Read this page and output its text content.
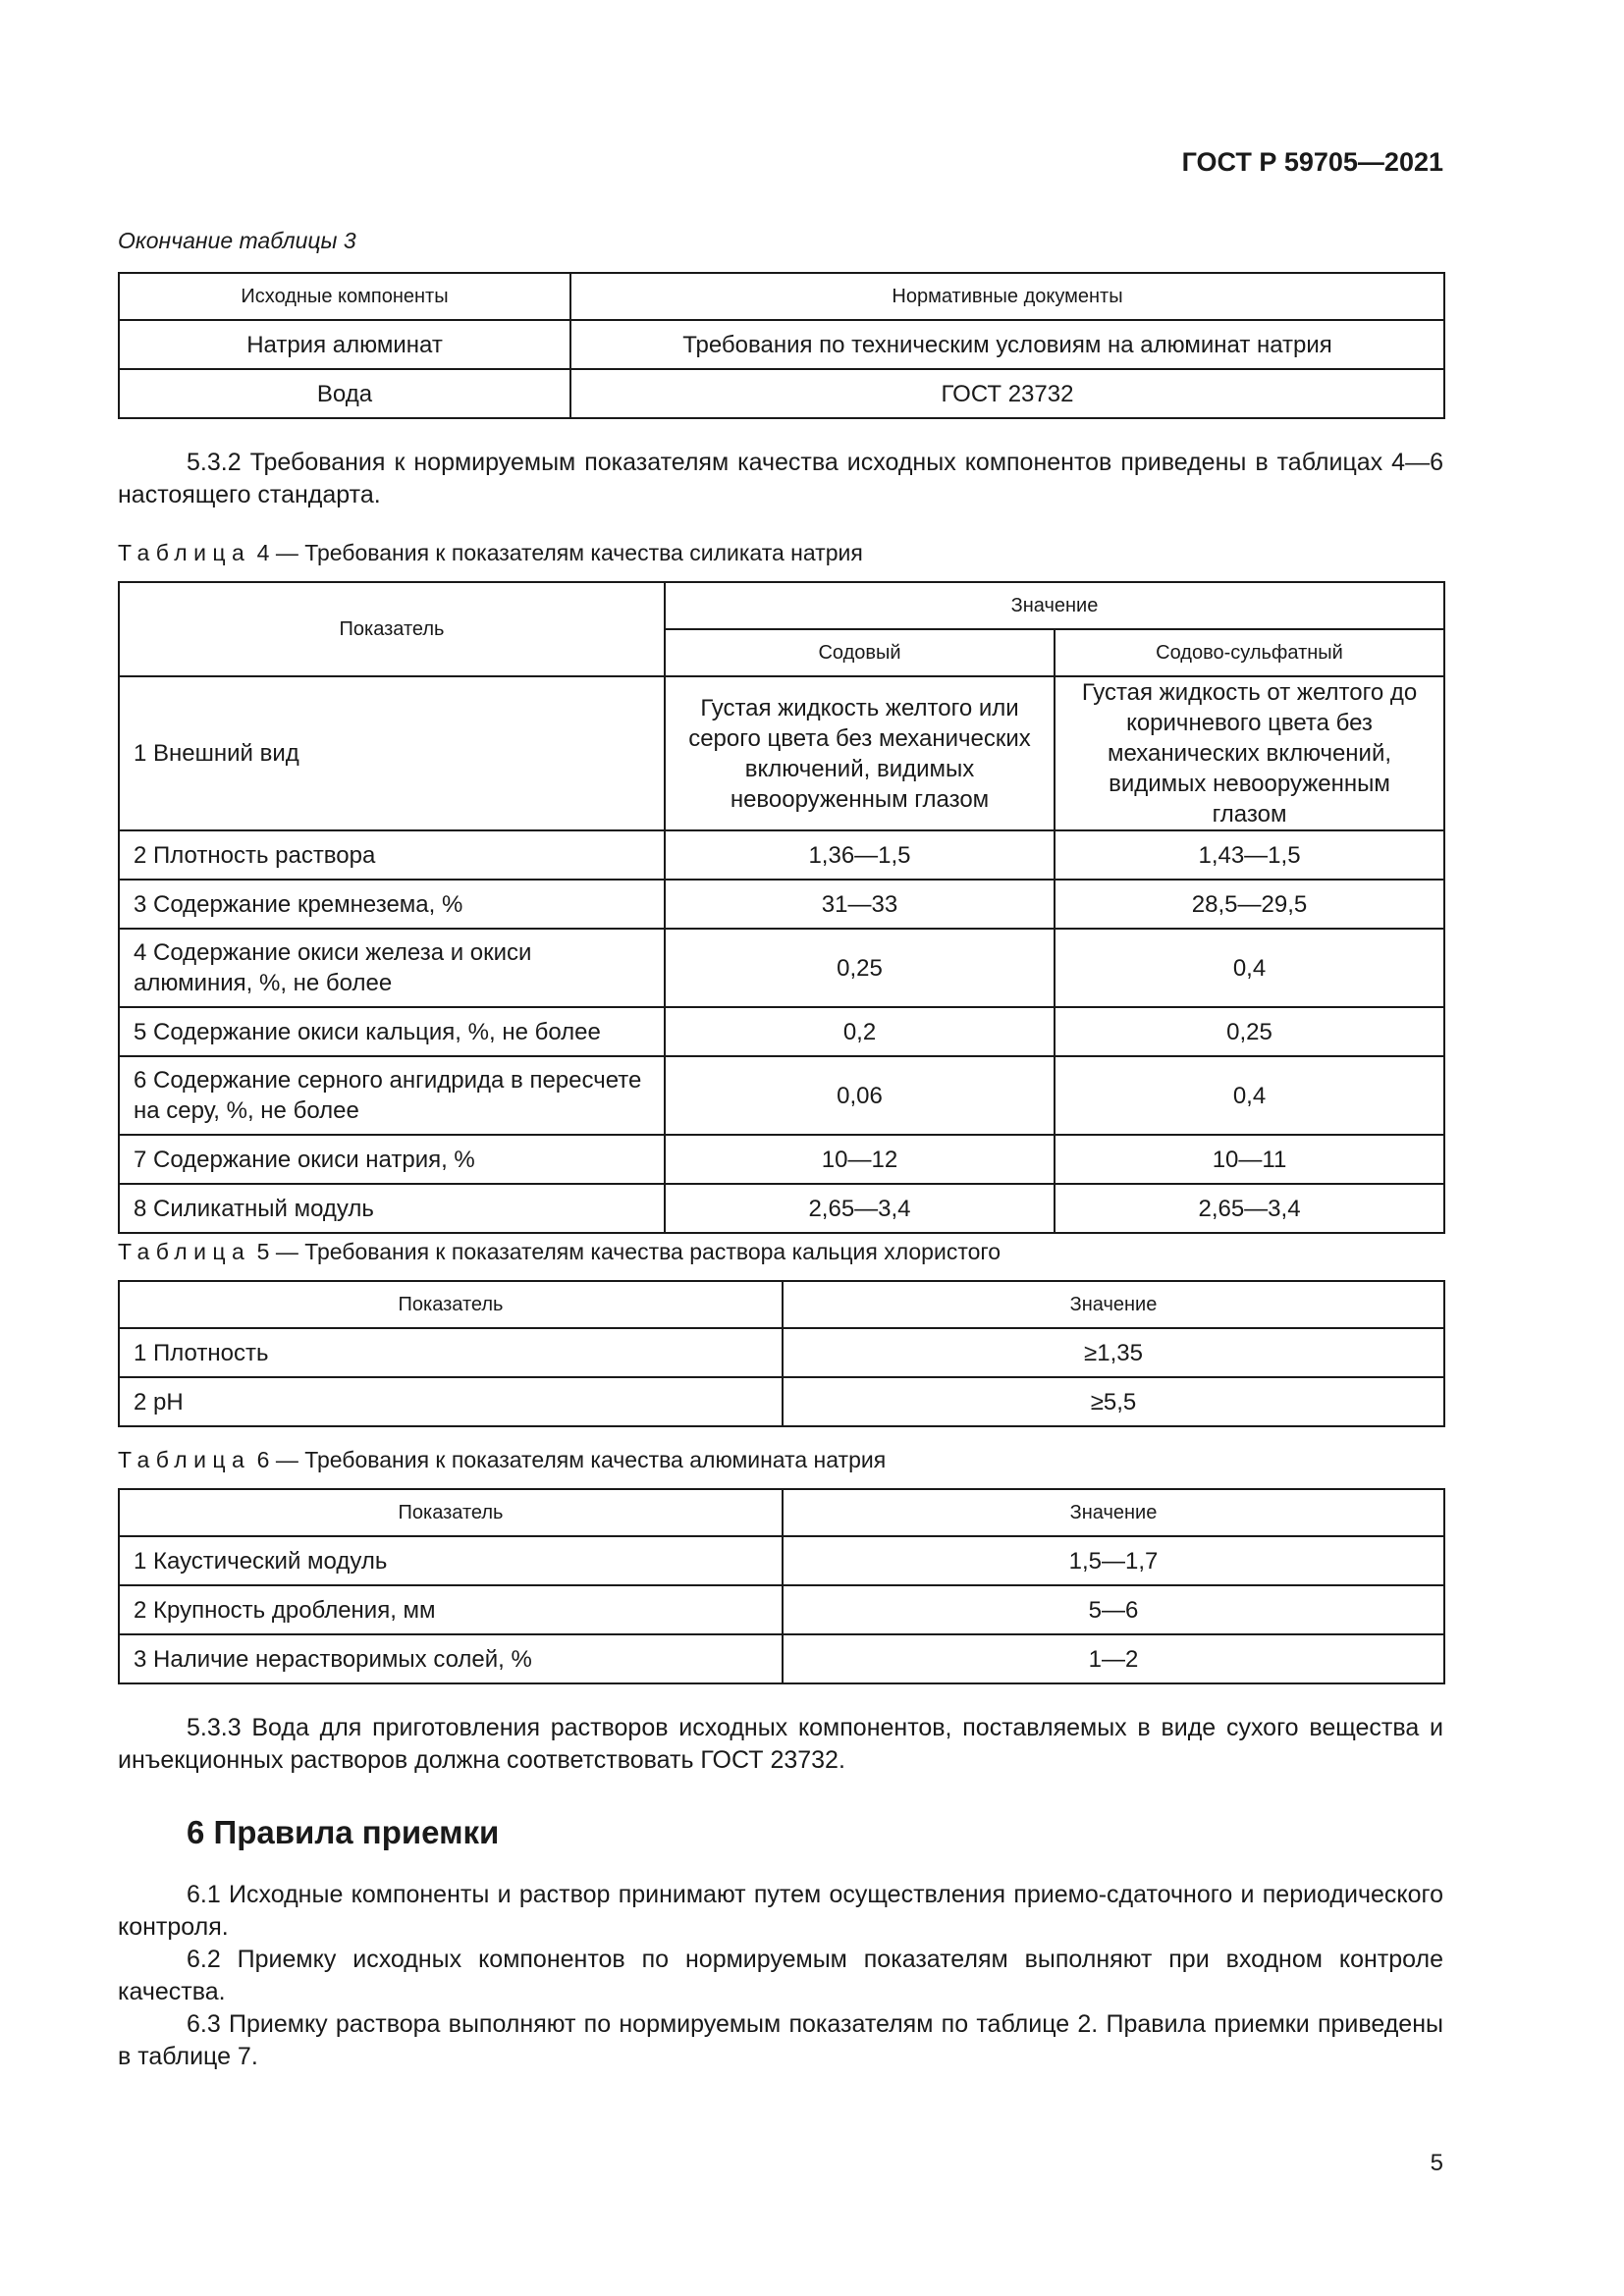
ГОСТ Р 59705—2021
Окончание таблицы 3
Исходные компоненты	Нормативные документы
Натрия алюминат	Требования по техническим условиям на алюминат натрия
Вода	ГОСТ 23732

5.3.2 Требования к нормируемым показателям качества исходных компонентов приведены в таблицах 4—6 настоящего стандарта.

Таблица 4 — Требования к показателям качества силиката натрия
Показатель	Значение	
	Содовый	Содово-сульфатный
1 Внешний вид	Густая жидкость желтого или серого цвета без механических включений, видимых невооруженным глазом	Густая жидкость от желтого до коричневого цвета без механических включений, видимых невооруженным глазом
2 Плотность раствора	1,36—1,5	1,43—1,5
3 Содержание кремнезема, %	31—33	28,5—29,5
4 Содержание окиси железа и окиси алюминия, %, не более	0,25	0,4
5 Содержание окиси кальция, %, не более	0,2	0,25
6 Содержание серного ангидрида в пересчете на серу, %, не более	0,06	0,4
7 Содержание окиси натрия, %	10—12	10—11
8 Силикатный модуль	2,65—3,4	2,65—3,4
Таблица 5 — Требования к показателям качества раствора кальция хлористого
Показатель	Значение
1 Плотность	≥1,35
2 pH	≥5,5
Таблица 6 — Требования к показателям качества алюмината натрия
Показатель	Значение
1 Каустический модуль	1,5—1,7
2 Крупность дробления, мм	5—6
3 Наличие нерастворимых солей, %	1—2

5.3.3 Вода для приготовления растворов исходных компонентов, поставляемых в виде сухого вещества и инъекционных растворов должна соответствовать ГОСТ 23732.

6 Правила приемки

6.1 Исходные компоненты и раствор принимают путем осуществления приемо-сдаточного и периодического контроля.

6.2 Приемку исходных компонентов по нормируемым показателям выполняют при входном контроле качества.

6.3 Приемку раствора выполняют по нормируемым показателям по таблице 2. Правила приемки приведены в таблице 7.

5
